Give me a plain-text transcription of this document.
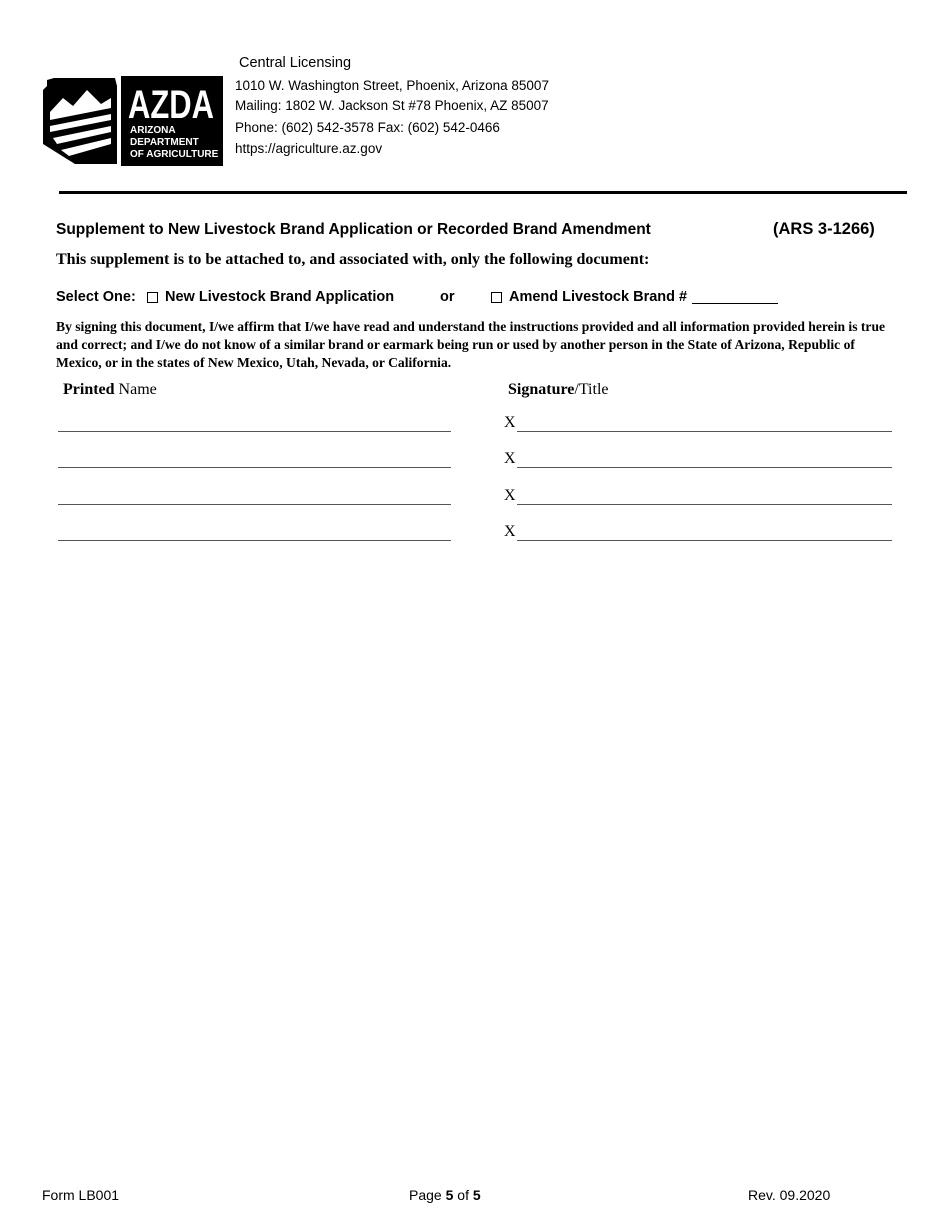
AZDA
ARIZONA
DEPARTMENT
OF AGRICULTURE
Central Licensing
1010 W. Washington Street, Phoenix, Arizona 85007
Mailing: 1802 W. Jackson St #78 Phoenix, AZ 85007
Phone: (602) 542-3578 Fax: (602) 542-0466
https://agriculture.az.gov
Supplement to New Livestock Brand Application or Recorded Brand Amendment	(ARS 3-1266)
This supplement is to be attached to, and associated with, only the following document:
Select One: New Livestock Brand Application	or	Amend Livestock Brand #
By signing this document, I/we affirm that I/we have read and understand the instructions provided and all information provided herein is true and correct; and I/we do not know of a similar brand or earmark being run or used by another person in the State of Arizona, Republic of Mexico, or in the states of New Mexico, Utah, Nevada, or California.
Printed Name	Signature/Title
X
X
X
X
Form LB001	Page 5 of 5	Rev. 09.2020
